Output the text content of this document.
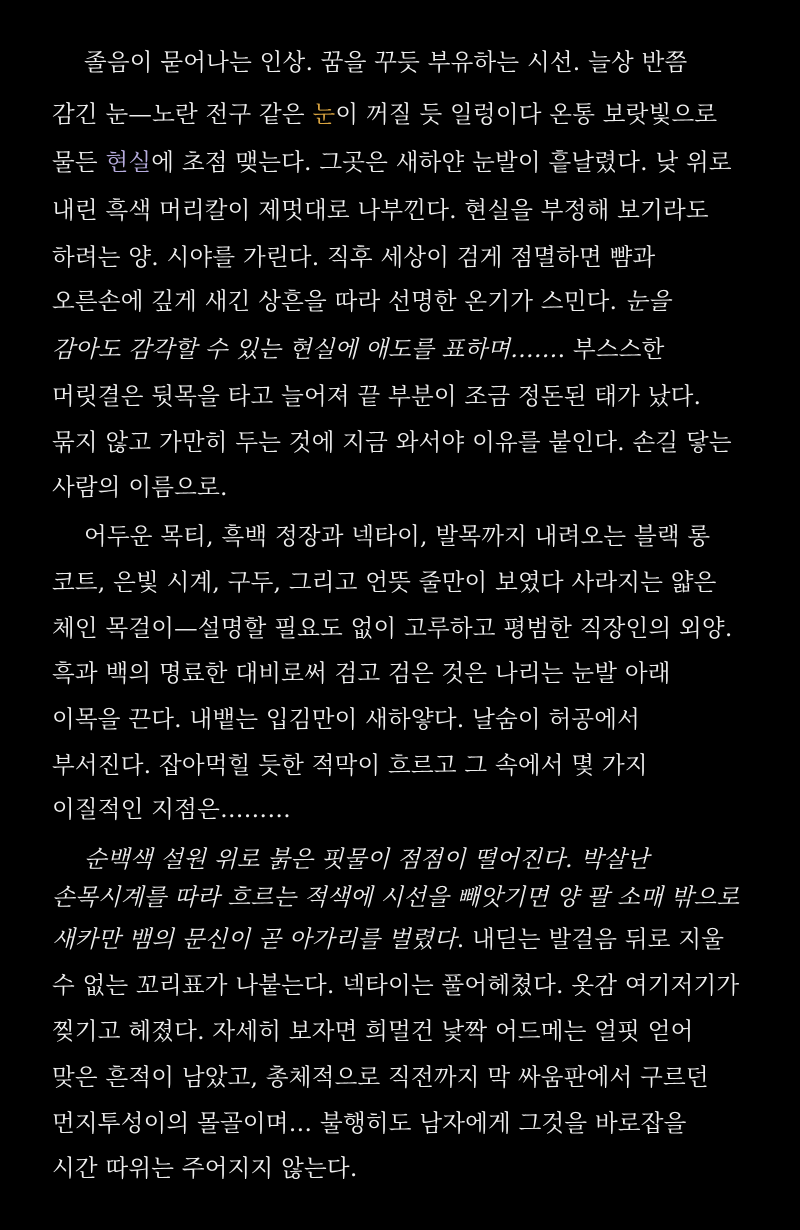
졸음이 묻어나는 인상. 꿈을 꾸듯 부유하는 시선. 늘상 반쯤
감긴 눈—노란 전구 같은 눈이 꺼질 듯 일렁이다 온통 보랏빛으로
물든 현실에 초점 맺는다. 그곳은 새하얀 눈발이 흩날렸다. 낮 위로
내린 흑색 머리칼이 제멋대로 나부낀다. 현실을 부정해 보기라도
하려는 양. 시야를 가린다. 직후 세상이 검게 점멸하면 뺨과
오른손에 깊게 새긴 상흔을 따라 선명한 온기가 스민다. 눈을
감아도 감각할 수 있는 현실에 애도를 표하며……. 부스스한
머릿결은 뒷목을 타고 늘어져 끝 부분이 조금 정돈된 태가 났다.
묶지 않고 가만히 두는 것에 지금 와서야 이유를 붙인다. 손길 닿는
사람의 이름으로.
어두운 목티, 흑백 정장과 넥타이, 발목까지 내려오는 블랙 롱
코트, 은빛 시계, 구두, 그리고 언뜻 줄만이 보였다 사라지는 얇은
체인 목걸이—설명할 필요도 없이 고루하고 평범한 직장인의 외양.
흑과 백의 명료한 대비로써 검고 검은 것은 나리는 눈발 아래
이목을 끈다. 내뱉는 입김만이 새하얗다. 날숨이 허공에서
부서진다. 잡아먹힐 듯한 적막이 흐르고 그 속에서 몇 가지
이질적인 지점은………
순백색 설원 위로 붉은 핏물이 점점이 떨어진다. 박살난
손목시계를 따라 흐르는 적색에 시선을 빼앗기면 양 팔 소매 밖으로
새카만 뱀의 문신이 곧 아가리를 벌렸다. 내딛는 발걸음 뒤로 지울
수 없는 꼬리표가 나붙는다. 넥타이는 풀어헤쳤다. 옷감 여기저기가
찢기고 헤졌다. 자세히 보자면 희멀건 낯짝 어드메는 얼핏 얻어
맞은 흔적이 남았고, 총체적으로 직전까지 막 싸움판에서 구르던
먼지투성이의 몰골이며… 불행히도 남자에게 그것을 바로잡을
시간 따위는 주어지지 않는다.
